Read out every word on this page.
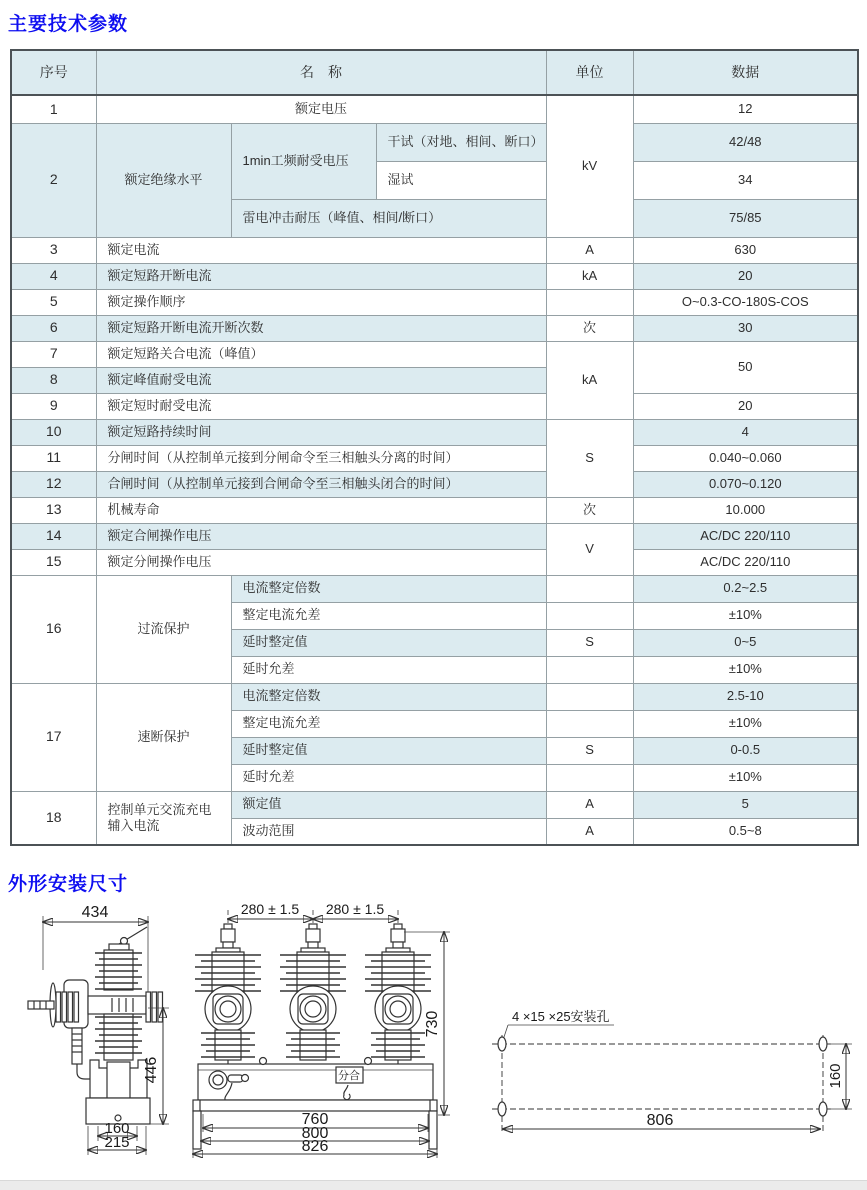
主要技术参数
序号	名　称			单位	数据
1	额定电压			kV	12
2	额定绝缘水平	1min工频耐受电压	干试（对地、相间、断口）		42/48
			湿试		34
		雷电冲击耐压（峰值、相间/断口）			75/85
3	额定电流			A	630
4	额定短路开断电流			kA	20
5	额定操作顺序				O~0.3-CO-180S-COS
6	额定短路开断电流开断次数			次	30
7	额定短路关合电流（峰值）			kA	50
8	额定峰值耐受电流				
9	额定短时耐受电流				20
10	额定短路持续时间			S	4
11	分闸时间（从控制单元接到分闸命令至三相触头分离的时间）				0.040~0.060
12	合闸时间（从控制单元接到合闸命令至三相触头闭合的时间）				0.070~0.120
13	机械寿命			次	10.000
14	额定合闸操作电压			V	AC/DC 220/110
15	额定分闸操作电压				AC/DC 220/110
16	过流保护	电流整定倍数			0.2~2.5
		整定电流允差			±10%
		延时整定值		S	0~5
		延时允差			±10%
17	速断保护	电流整定倍数			2.5-10
		整定电流允差			±10%
		延时整定值		S	0-0.5
		延时允差			±10%
18	控制单元交流充电
辅入电流	额定值		A	5
		波动范围		A	0.5~8
外形安装尺寸
434
446
160
215
280 ± 1.5 280 ± 1.5
分合
730
760
800
826
4 ×15 ×25安装孔
160
806
